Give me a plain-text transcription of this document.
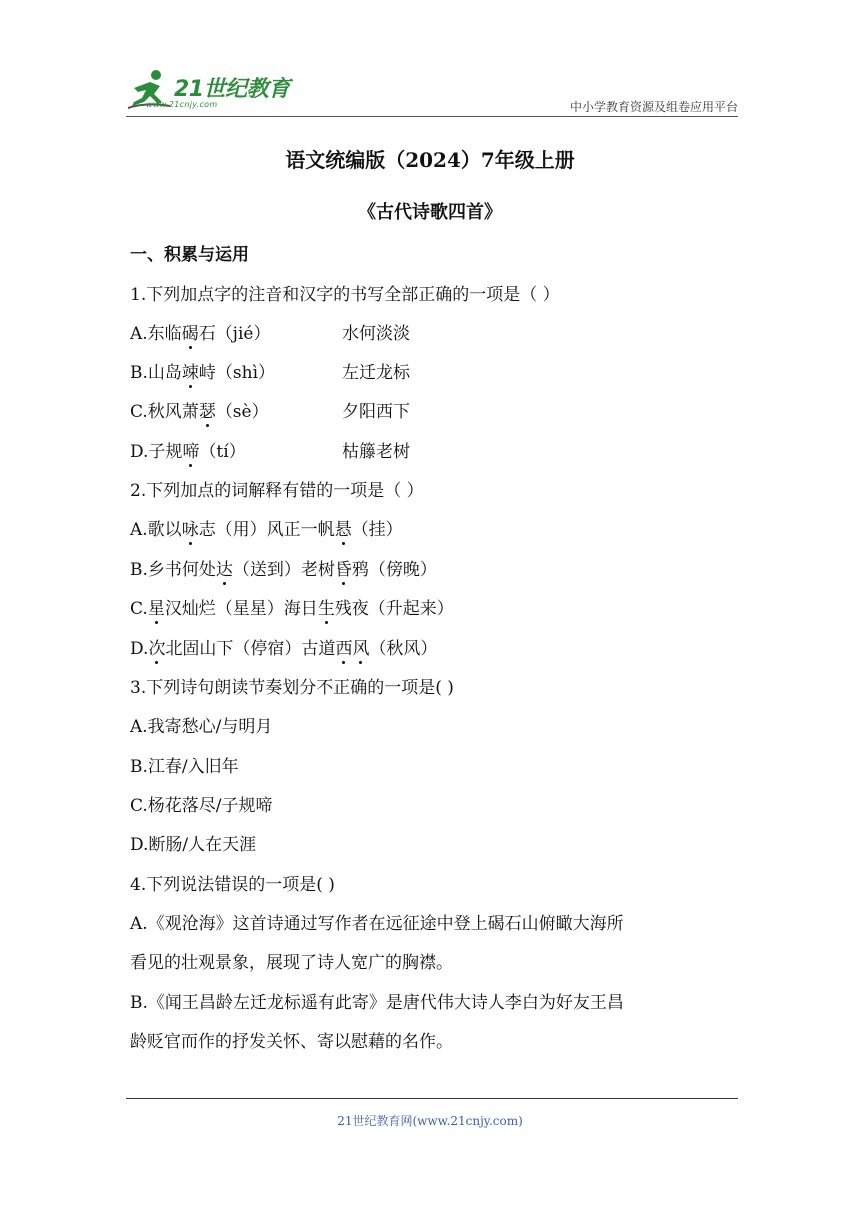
21世纪教育
www.21cnjy.com	中小学教育资源及组卷应用平台
语文统编版（2024）7年级上册
《古代诗歌四首》
一、积累与运用
1.下列加点字的注音和汉字的书写全部正确的一项是（ ）
A.东临碣石（jié）	水何淡淡
B.山岛竦峙（shì）	左迁龙标
C.秋风萧瑟（sè）	夕阳西下
D.子规啼（tí）	枯籐老树
2.下列加点的词解释有错的一项是（ ）
A.歌以咏志（用）风正一帆悬（挂）
B.乡书何处达（送到）老树昏鸦（傍晚）
C.星汉灿烂（星星）海日生残夜（升起来）
D.次北固山下（停宿）古道西风（秋风）
3.下列诗句朗读节奏划分不正确的一项是( )
A.我寄愁心/与明月
B.江春/入旧年
C.杨花落尽/子规啼
D.断肠/人在天涯
4.下列说法错误的一项是( )
A.《观沧海》这首诗通过写作者在远征途中登上碣石山俯瞰大海所
看见的壮观景象，展现了诗人宽广的胸襟。
B.《闻王昌龄左迁龙标遥有此寄》是唐代伟大诗人李白为好友王昌
龄贬官而作的抒发关怀、寄以慰藉的名作。
21世纪教育网(www.21cnjy.com)
